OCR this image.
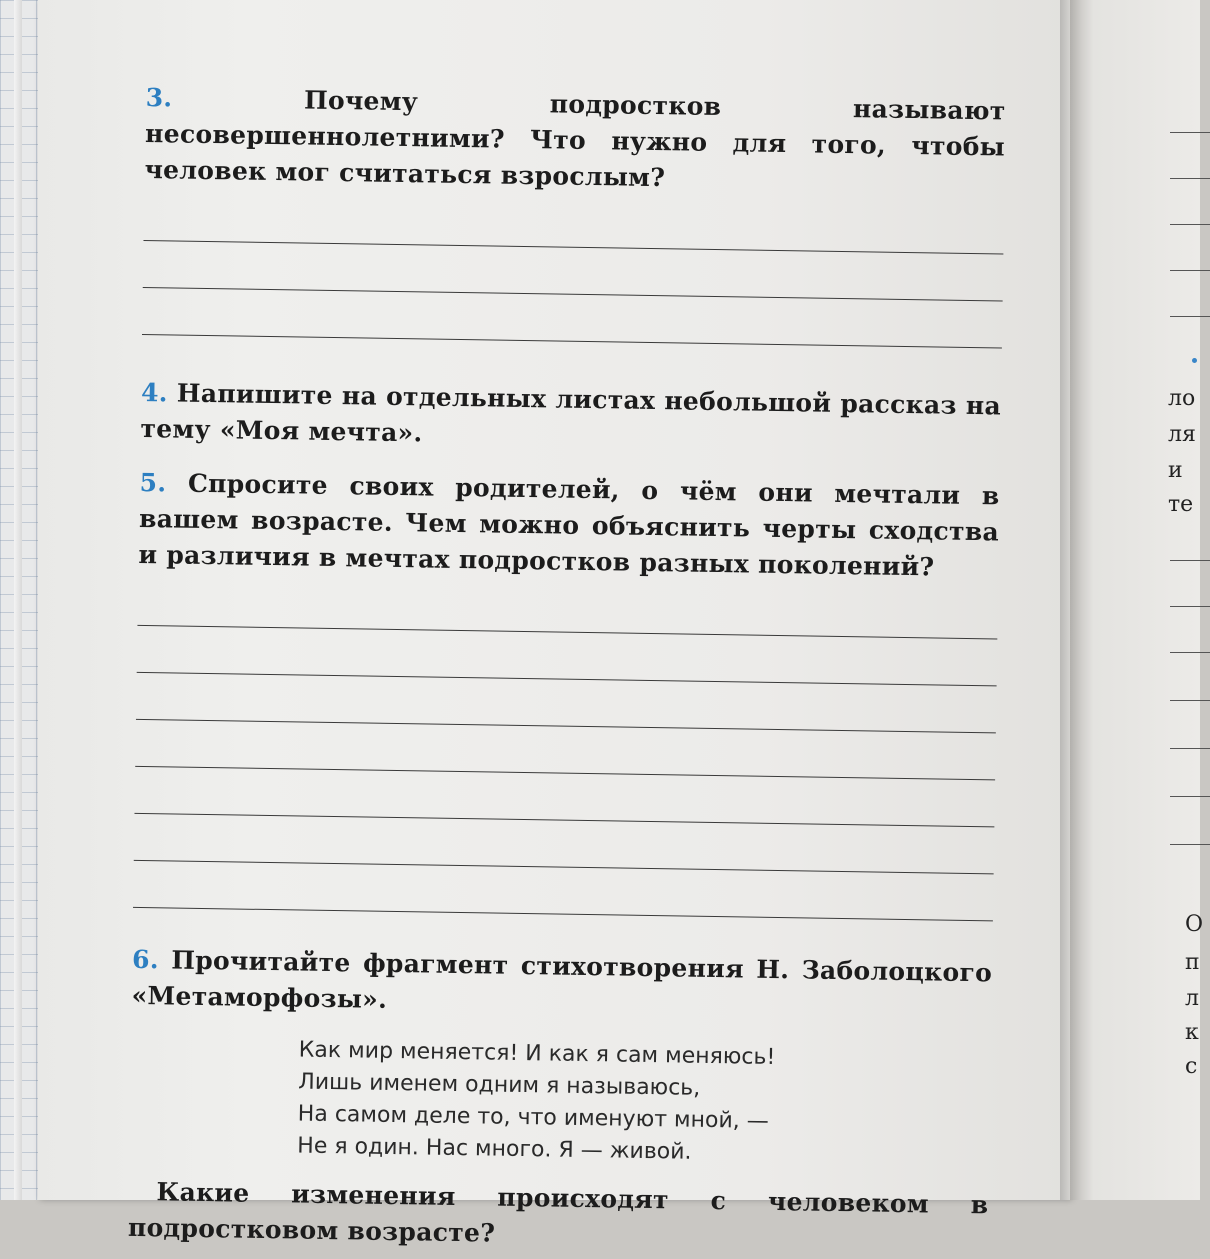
ло
ля
и
те
О
п
л
к
с

3.	Почему подростков называют несовершеннолетними? Что нужно для того, чтобы человек мог считаться взрослым?

4. Напишите на отдельных листах небольшой рассказ на тему «Моя мечта».

5. Спросите своих родителей, о чём они мечтали в вашем возрасте. Чем можно объяснить черты сходства и различия в мечтах подростков разных поколений?

6. Прочитайте фрагмент стихотворения Н. Заболоцкого «Метаморфозы».

Как мир меняется! И как я сам меняюсь!
Лишь именем одним я называюсь,
На самом деле то, что именуют мной, —
Не я один. Нас много. Я — живой.

Какие изменения происходят с человеком в подростковом возрасте?
